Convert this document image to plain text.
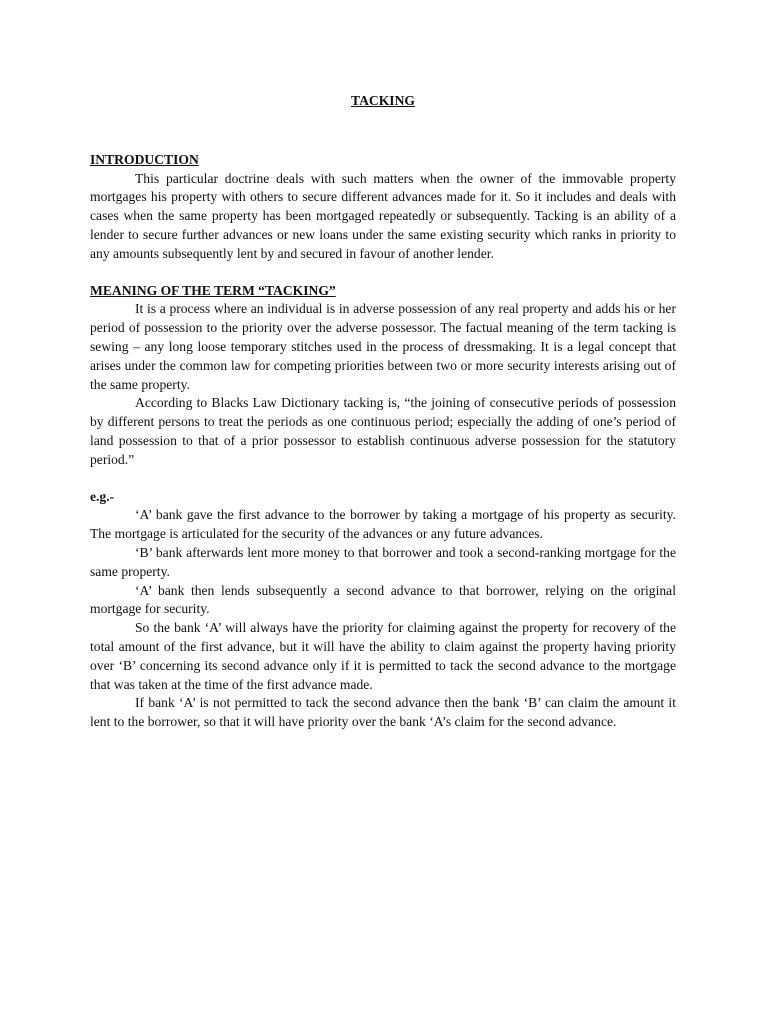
TACKING
INTRODUCTION

This particular doctrine deals with such matters when the owner of the immovable property mortgages his property with others to secure different advances made for it. So it includes and deals with cases when the same property has been mortgaged repeatedly or subsequently. Tacking is an ability of a lender to secure further advances or new loans under the same existing security which ranks in priority to any amounts subsequently lent by and secured in favour of another lender.

MEANING OF THE TERM “TACKING”

It is a process where an individual is in adverse possession of any real property and adds his or her period of possession to the priority over the adverse possessor. The factual meaning of the term tacking is sewing – any long loose temporary stitches used in the process of dressmaking. It is a legal concept that arises under the common law for competing priorities between two or more security interests arising out of the same property.

According to Blacks Law Dictionary tacking is, “the joining of consecutive periods of possession by different persons to treat the periods as one continuous period; especially the adding of one’s period of land possession to that of a prior possessor to establish continuous adverse possession for the statutory period.”

e.g.-

‘A’ bank gave the first advance to the borrower by taking a mortgage of his property as security. The mortgage is articulated for the security of the advances or any future advances.

‘B’ bank afterwards lent more money to that borrower and took a second-ranking mortgage for the same property.

‘A’ bank then lends subsequently a second advance to that borrower, relying on the original mortgage for security.

So the bank ‘A’ will always have the priority for claiming against the property for recovery of the total amount of the first advance, but it will have the ability to claim against the property having priority over ‘B’ concerning its second advance only if it is permitted to tack the second advance to the mortgage that was taken at the time of the first advance made.

If bank ‘A’ is not permitted to tack the second advance then the bank ‘B’ can claim the amount it lent to the borrower, so that it will have priority over the bank ‘A’s claim for the second advance.
